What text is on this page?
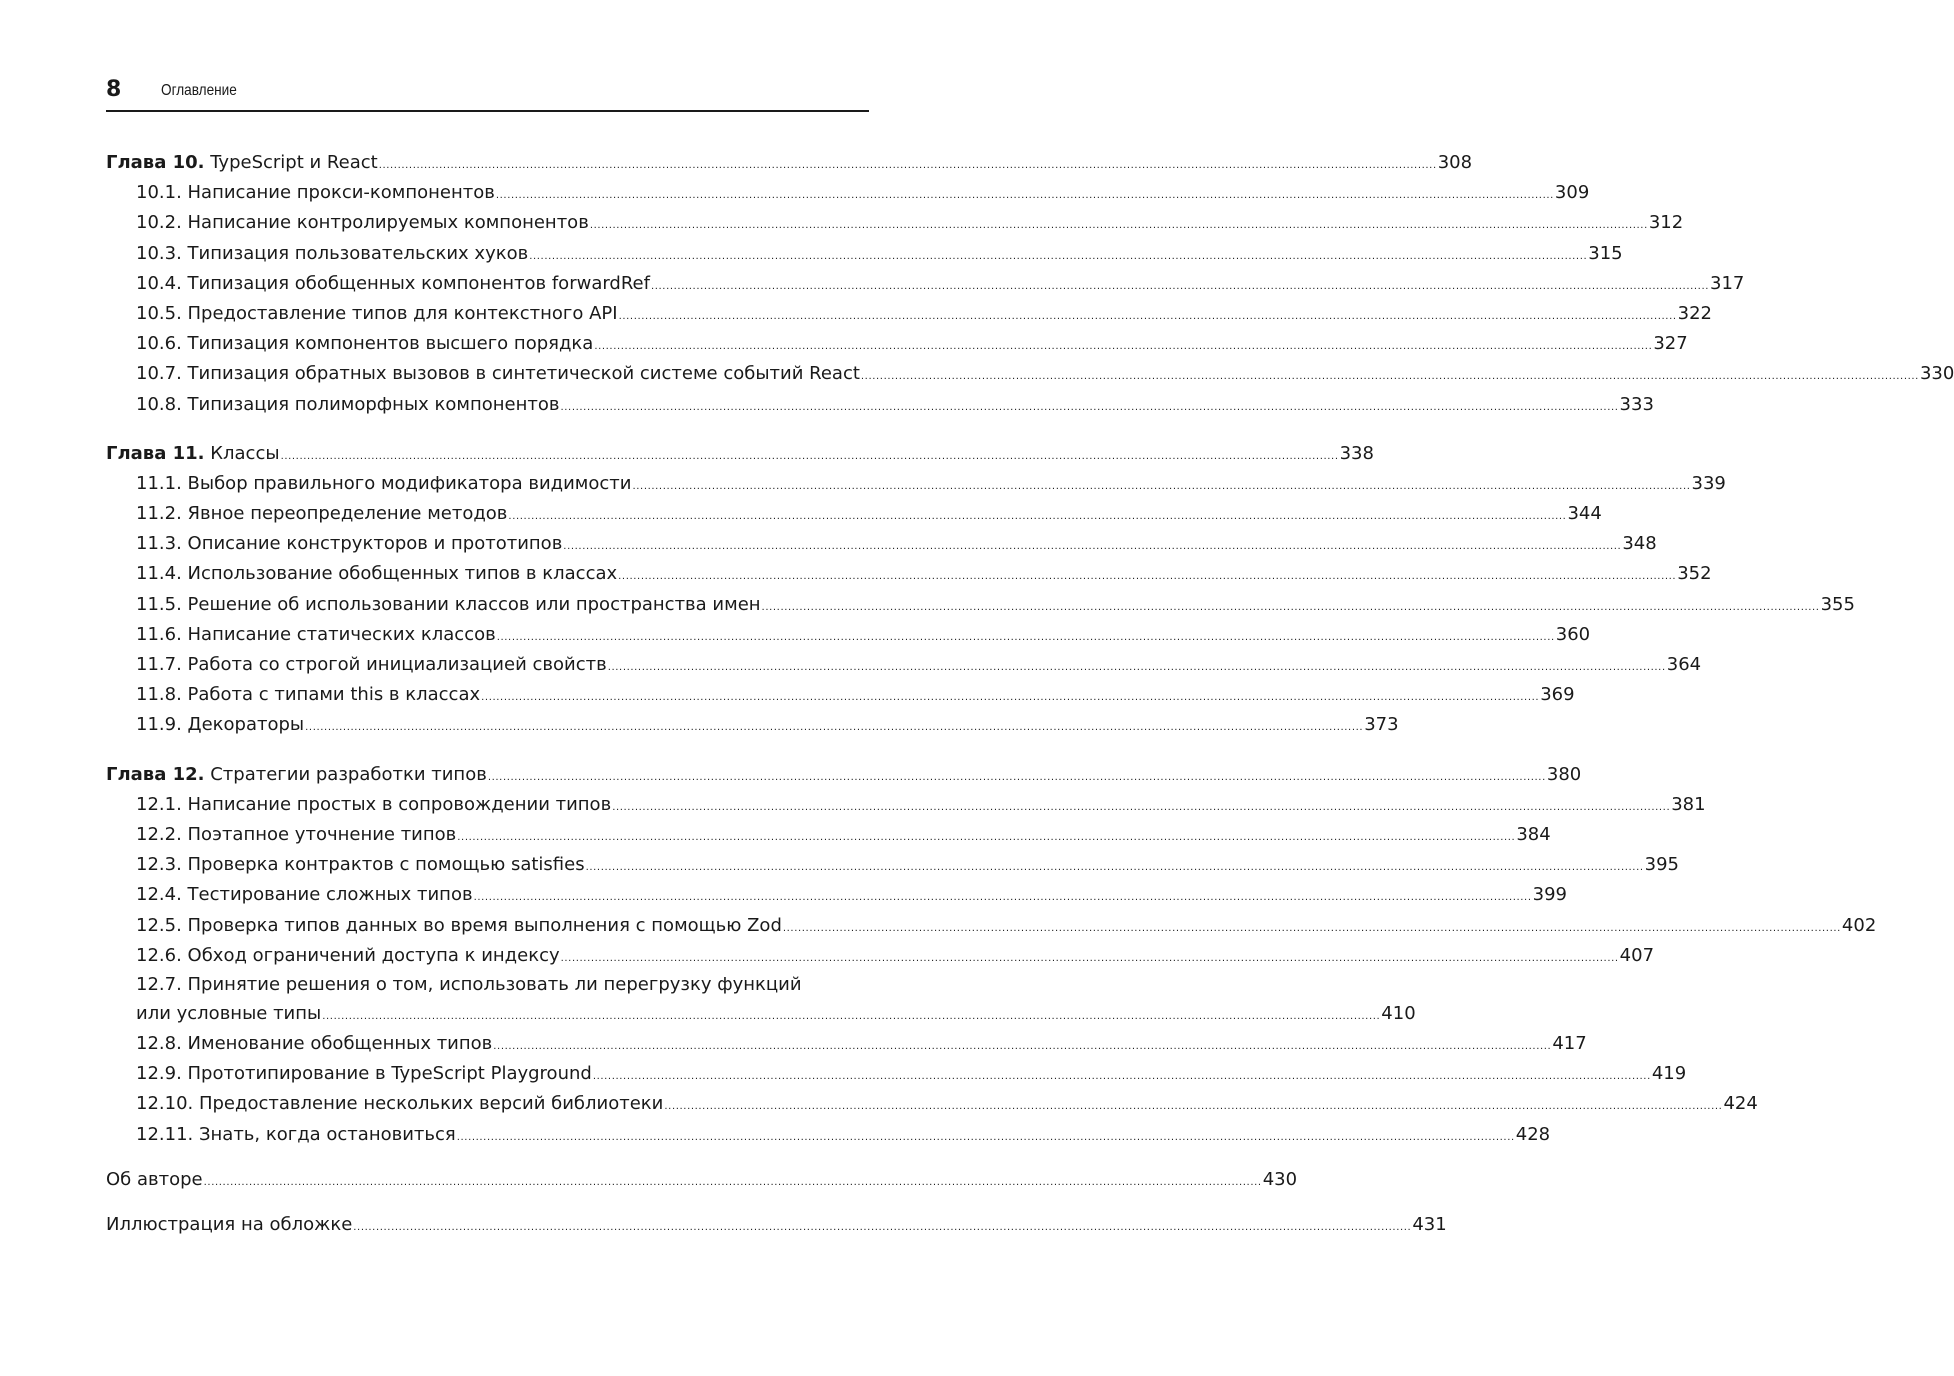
8 Оглавление
Глава 10. TypeScript и React .....	308
10.1. Написание прокси-компонентов .....	309
10.2. Написание контролируемых компонентов .....	312
10.3. Типизация пользовательских хуков .....	315
10.4. Типизация обобщенных компонентов forwardRef .....	317
10.5. Предоставление типов для контекстного API .....	322
10.6. Типизация компонентов высшего порядка .....	327
10.7. Типизация обратных вызовов в синтетической системе событий React .....	330
10.8. Типизация полиморфных компонентов .....	333
Глава 11. Классы .....	338
11.1. Выбор правильного модификатора видимости .....	339
11.2. Явное переопределение методов .....	344
11.3. Описание конструкторов и прототипов .....	348
11.4. Использование обобщенных типов в классах .....	352
11.5. Решение об использовании классов или пространства имен .....	355
11.6. Написание статических классов .....	360
11.7. Работа со строгой инициализацией свойств .....	364
11.8. Работа с типами this в классах .....	369
11.9. Декораторы .....	373
Глава 12. Стратегии разработки типов .....	380
12.1. Написание простых в сопровождении типов .....	381
12.2. Поэтапное уточнение типов .....	384
12.3. Проверка контрактов с помощью satisfies .....	395
12.4. Тестирование сложных типов .....	399
12.5. Проверка типов данных во время выполнения с помощью Zod .....	402
12.6. Обход ограничений доступа к индексу .....	407
12.7. Принятие решения о том, использовать ли перегрузку функций
или условные типы .....	410
12.8. Именование обобщенных типов .....	417
12.9. Прототипирование в TypeScript Playground .....	419
12.10. Предоставление нескольких версий библиотеки .....	424
12.11. Знать, когда остановиться .....	428
Об авторе .....	430
Иллюстрация на обложке .....	431
